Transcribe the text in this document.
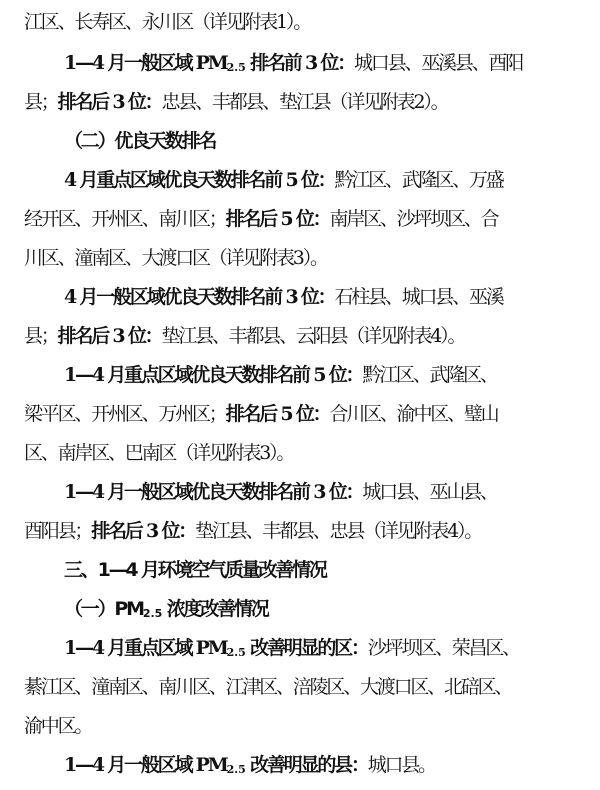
江区、长寿区、永川区（详见附表1）。
1—4 月一般区域 $PM_{2.5}$ 排名前 3 位：城口县、巫溪县、酉阳
县；排名后 3 位：忠县、丰都县、垫江县（详见附表2）。
（二）优良天数排名
4 月重点区域优良天数排名前 5 位：黔江区、武隆区、万盛
经开区、开州区、南川区；排名后 5 位：南岸区、沙坪坝区、合
川区、潼南区、大渡口区（详见附表3）。
4 月一般区域优良天数排名前 3 位：石柱县、城口县、巫溪
县；排名后 3 位：垫江县、丰都县、云阳县（详见附表4）。
1—4 月重点区域优良天数排名前 5 位：黔江区、武隆区、
梁平区、开州区、万州区；排名后 5 位：合川区、渝中区、璧山
区、南岸区、巴南区（详见附表3）。
1—4 月一般区域优良天数排名前 3 位：城口县、巫山县、
酉阳县；排名后 3 位：垫江县、丰都县、忠县（详见附表4）。
三、1—4 月环境空气质量改善情况
（一）$PM_{2.5}$ 浓度改善情况
1—4 月重点区域 $PM_{2.5}$ 改善明显的区：沙坪坝区、荣昌区、
綦江区、潼南区、南川区、江津区、涪陵区、大渡口区、北碚区、
渝中区。
1—4 月一般区域 $PM_{2.5}$ 改善明显的县：城口县。
